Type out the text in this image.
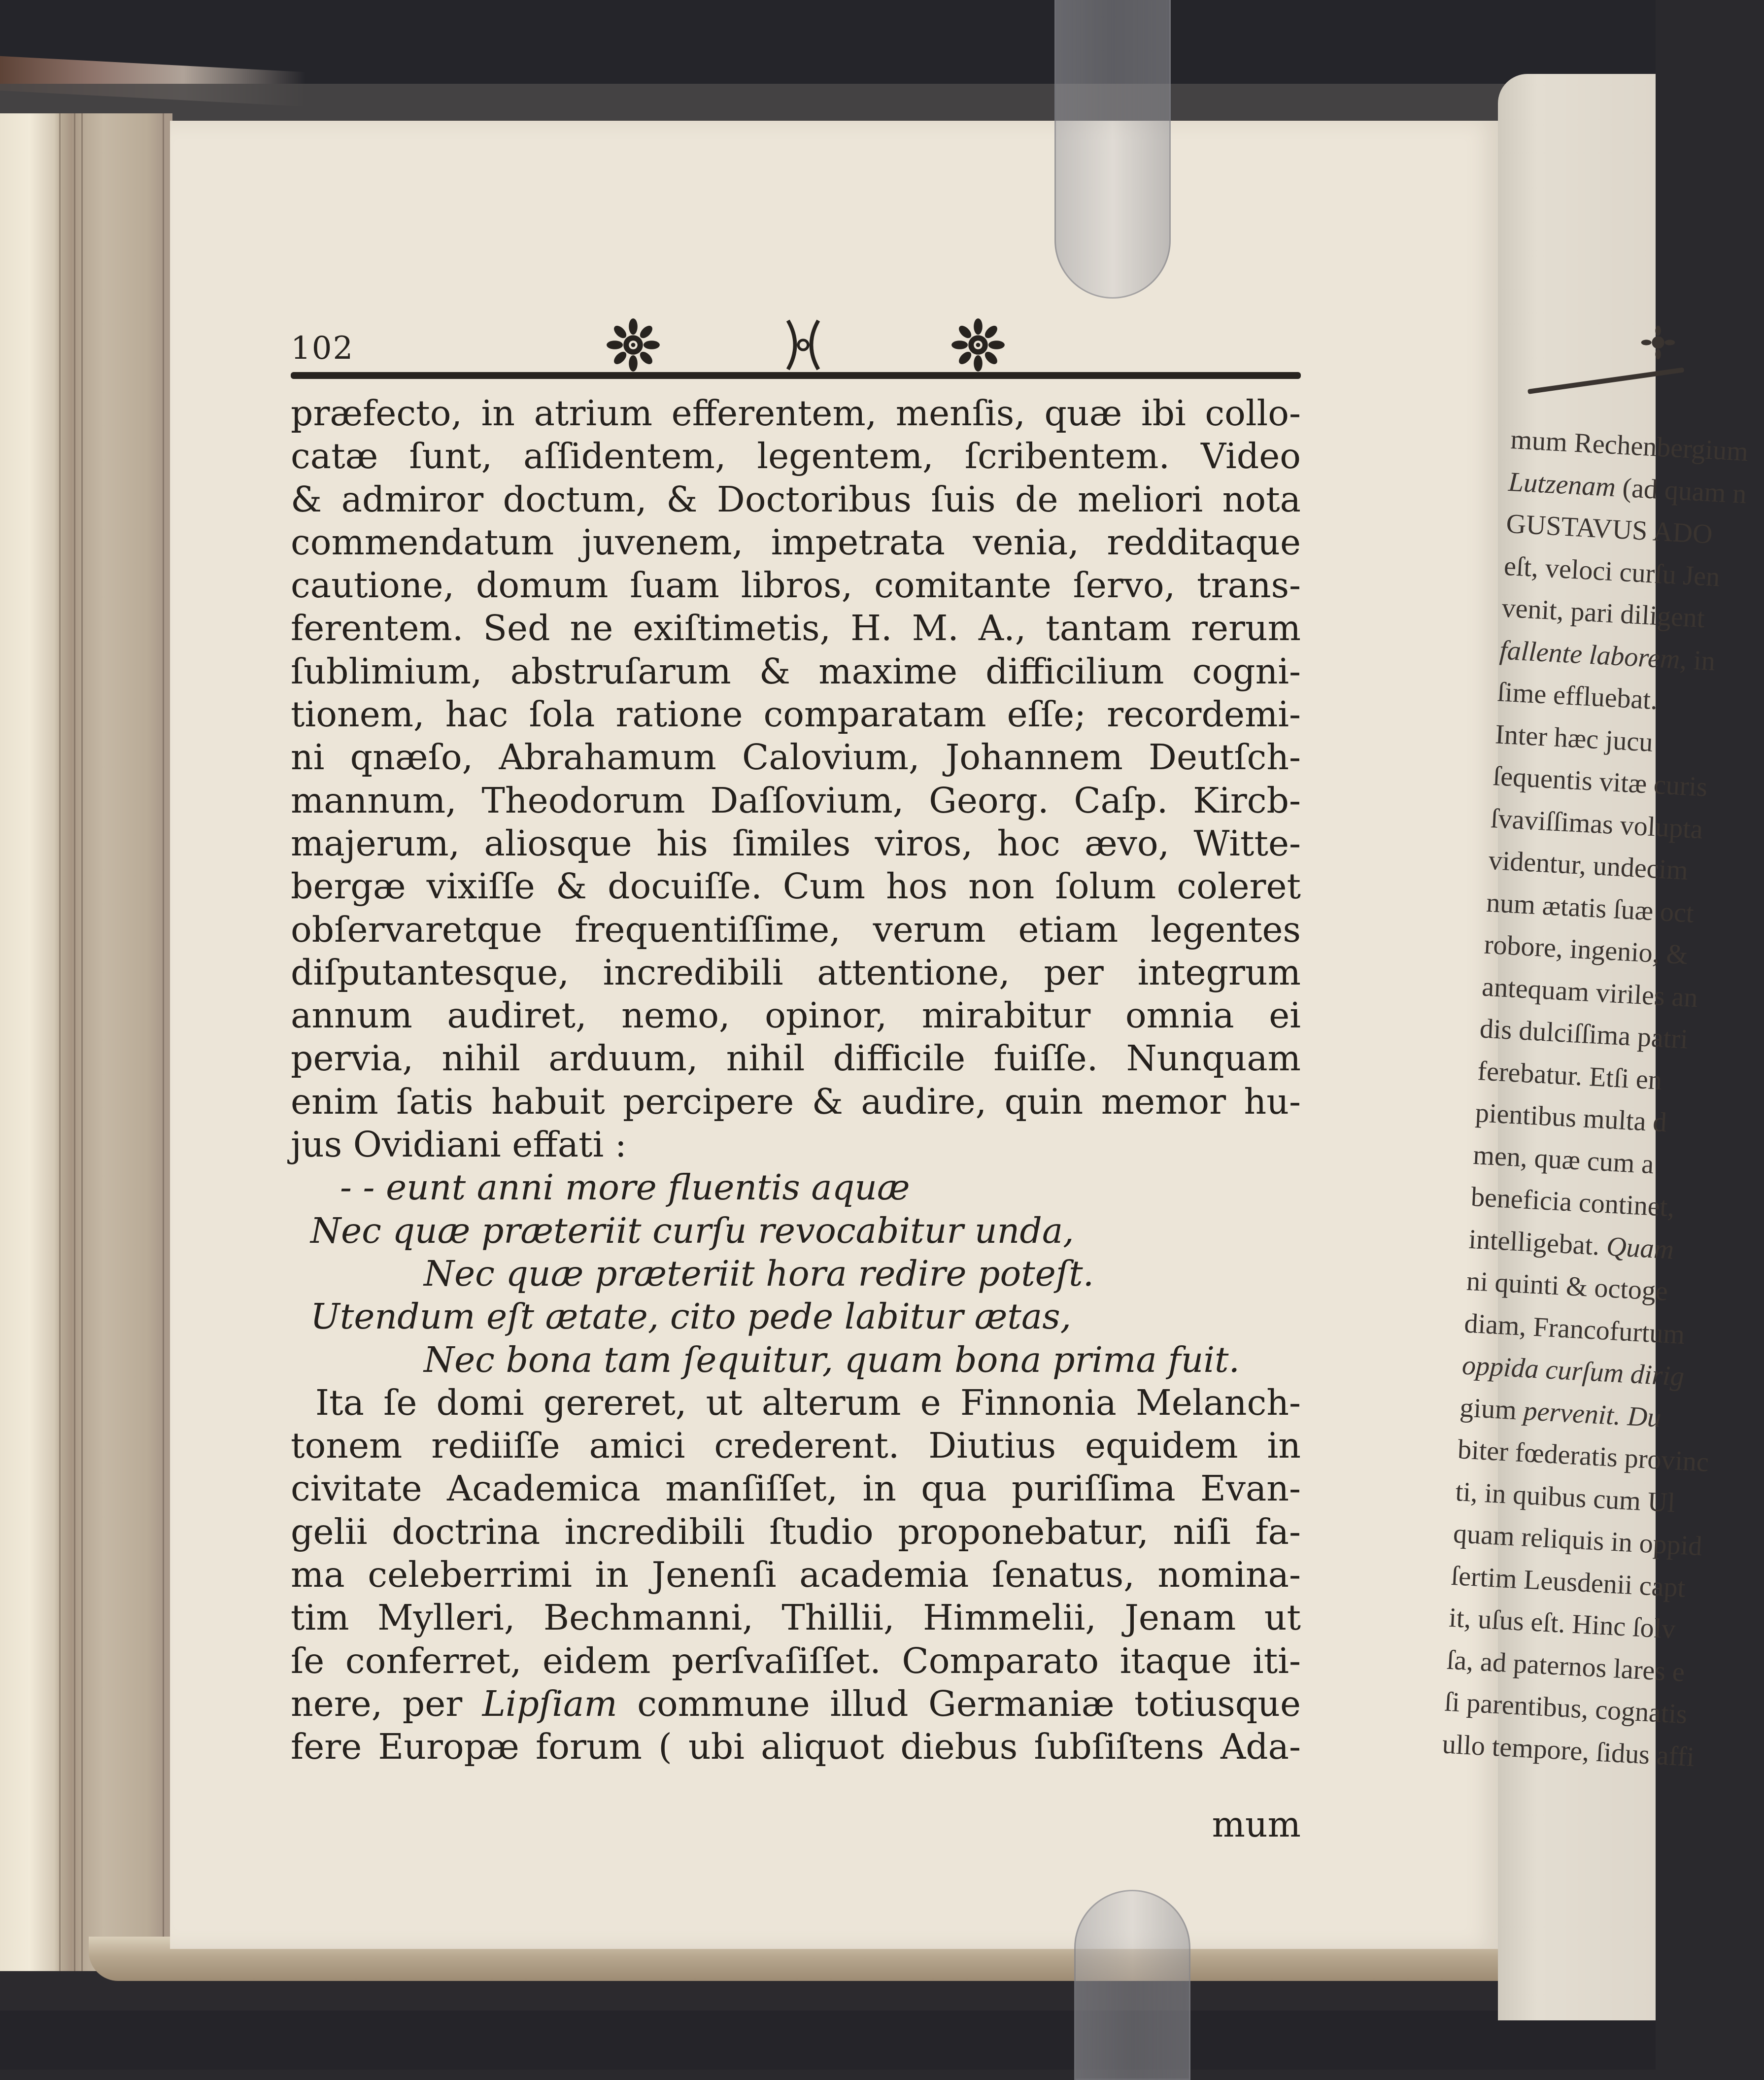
102
præfecto, in atrium efferentem, menſis, quæ ibi collo-
catæ ſunt, aſſidentem, legentem, ſcribentem. Video
& admiror doctum, & Doctoribus ſuis de meliori nota
commendatum juvenem, impetrata venia, redditaque
cautione, domum ſuam libros, comitante ſervo, trans-
ferentem. Sed ne exiſtimetis, H. M. A., tantam rerum
ſublimium, abstruſarum & maxime difficilium cogni-
tionem, hac ſola ratione comparatam eſſe; recordemi-
ni qnæſo, Abrahamum Calovium, Johannem Deutſch-
mannum, Theodorum Daſſovium, Georg. Caſp. Kircb-
majerum, aliosque his ſimiles viros, hoc ævo, Witte-
bergæ vixiſſe & docuiſſe. Cum hos non ſolum coleret
obſervaretque frequentiſſime, verum etiam legentes
diſputantesque, incredibili attentione, per integrum
annum audiret, nemo, opinor, mirabitur omnia ei
pervia, nihil arduum, nihil difficile fuiſſe. Nunquam
enim ſatis habuit percipere & audire, quin memor hu-
jus Ovidiani effati :
- - eunt anni more fluentis aquæ
Nec quæ præteriit curſu revocabitur unda,
Nec quæ præteriit hora redire poteſt.
Utendum eſt ætate, cito pede labitur ætas,
Nec bona tam ſequitur, quam bona prima fuit.
Ita ſe domi gereret, ut alterum e Finnonia Melanch-
tonem rediiſſe amici crederent. Diutius equidem in
civitate Academica manſiſſet, in qua puriſſima Evan-
gelii doctrina incredibili ſtudio proponebatur, niſi fa-
ma celeberrimi in Jenenſi academia ſenatus, nomina-
tim Mylleri, Bechmanni, Thillii, Himmelii, Jenam ut
ſe conferret, eidem perſvaſiſſet. Comparato itaque iti-
nere, per Lipſiam commune illud Germaniæ totiusque
fere Europæ forum ( ubi aliquot diebus ſubſiſtens Ada-
mum
mum Rechenbergium
Lutzenam (ad quam n
GUSTAVUS ADO
eſt, veloci curſu Jen
venit, pari diligent
fallente laborem, in
ſime effluebat.
Inter hæc jucu
ſequentis vitæ curis
ſvaviſſimas volupta
videntur, undecim
num ætatis ſuæ oct
robore, ingenio, &
antequam viriles an
dis dulciſſima patri
ferebatur. Etſi en
pientibus multa d
men, quæ cum a
beneficia continet,
intelligebat. Quam
ni quinti & octoge
diam, Francofurtum
oppida curſum dirig
gium pervenit. Du
biter fœderatis provinc
ti, in quibus cum Ul
quam reliquis in oppid
ſertim Leusdenii capt
it, uſus eſt. Hinc ſolv
ſa, ad paternos lares e
ſi parentibus, cognatis
ullo tempore, ſidus affi
